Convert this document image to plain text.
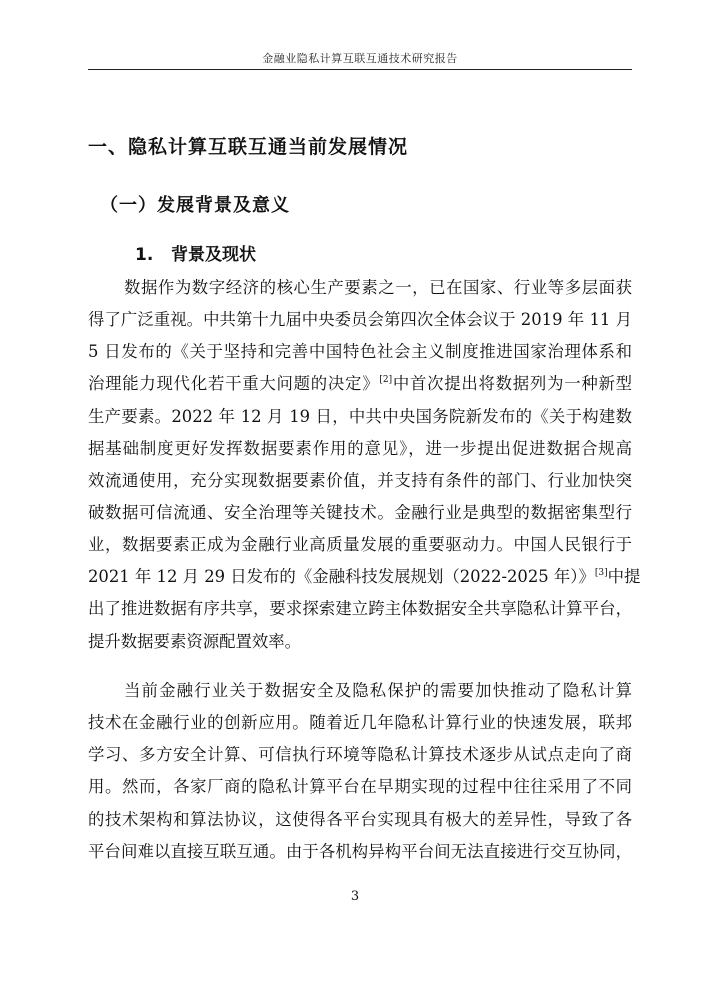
金融业隐私计算互联互通技术研究报告
一、隐私计算互联互通当前发展情况
（一）发展背景及意义
1.   背景及现状
数据作为数字经济的核心生产要素之一，已在国家、行业等多层面获
得了广泛重视。中共第十九届中央委员会第四次全体会议于 2019 年 11 月
5 日发布的《关于坚持和完善中国特色社会主义制度推进国家治理体系和
治理能力现代化若干重大问题的决定》[2]中首次提出将数据列为一种新型
生产要素。2022 年 12 月 19 日，中共中央国务院新发布的《关于构建数
据基础制度更好发挥数据要素作用的意见》，进一步提出促进数据合规高
效流通使用，充分实现数据要素价值，并支持有条件的部门、行业加快突
破数据可信流通、安全治理等关键技术。金融行业是典型的数据密集型行
业，数据要素正成为金融行业高质量发展的重要驱动力。中国人民银行于
2021 年 12 月 29 日发布的《金融科技发展规划（2022-2025 年）》[3]中提
出了推进数据有序共享，要求探索建立跨主体数据安全共享隐私计算平台，
提升数据要素资源配置效率。
当前金融行业关于数据安全及隐私保护的需要加快推动了隐私计算
技术在金融行业的创新应用。随着近几年隐私计算行业的快速发展，联邦
学习、多方安全计算、可信执行环境等隐私计算技术逐步从试点走向了商
用。然而，各家厂商的隐私计算平台在早期实现的过程中往往采用了不同
的技术架构和算法协议，这使得各平台实现具有极大的差异性，导致了各
平台间难以直接互联互通。由于各机构异构平台间无法直接进行交互协同，
3
